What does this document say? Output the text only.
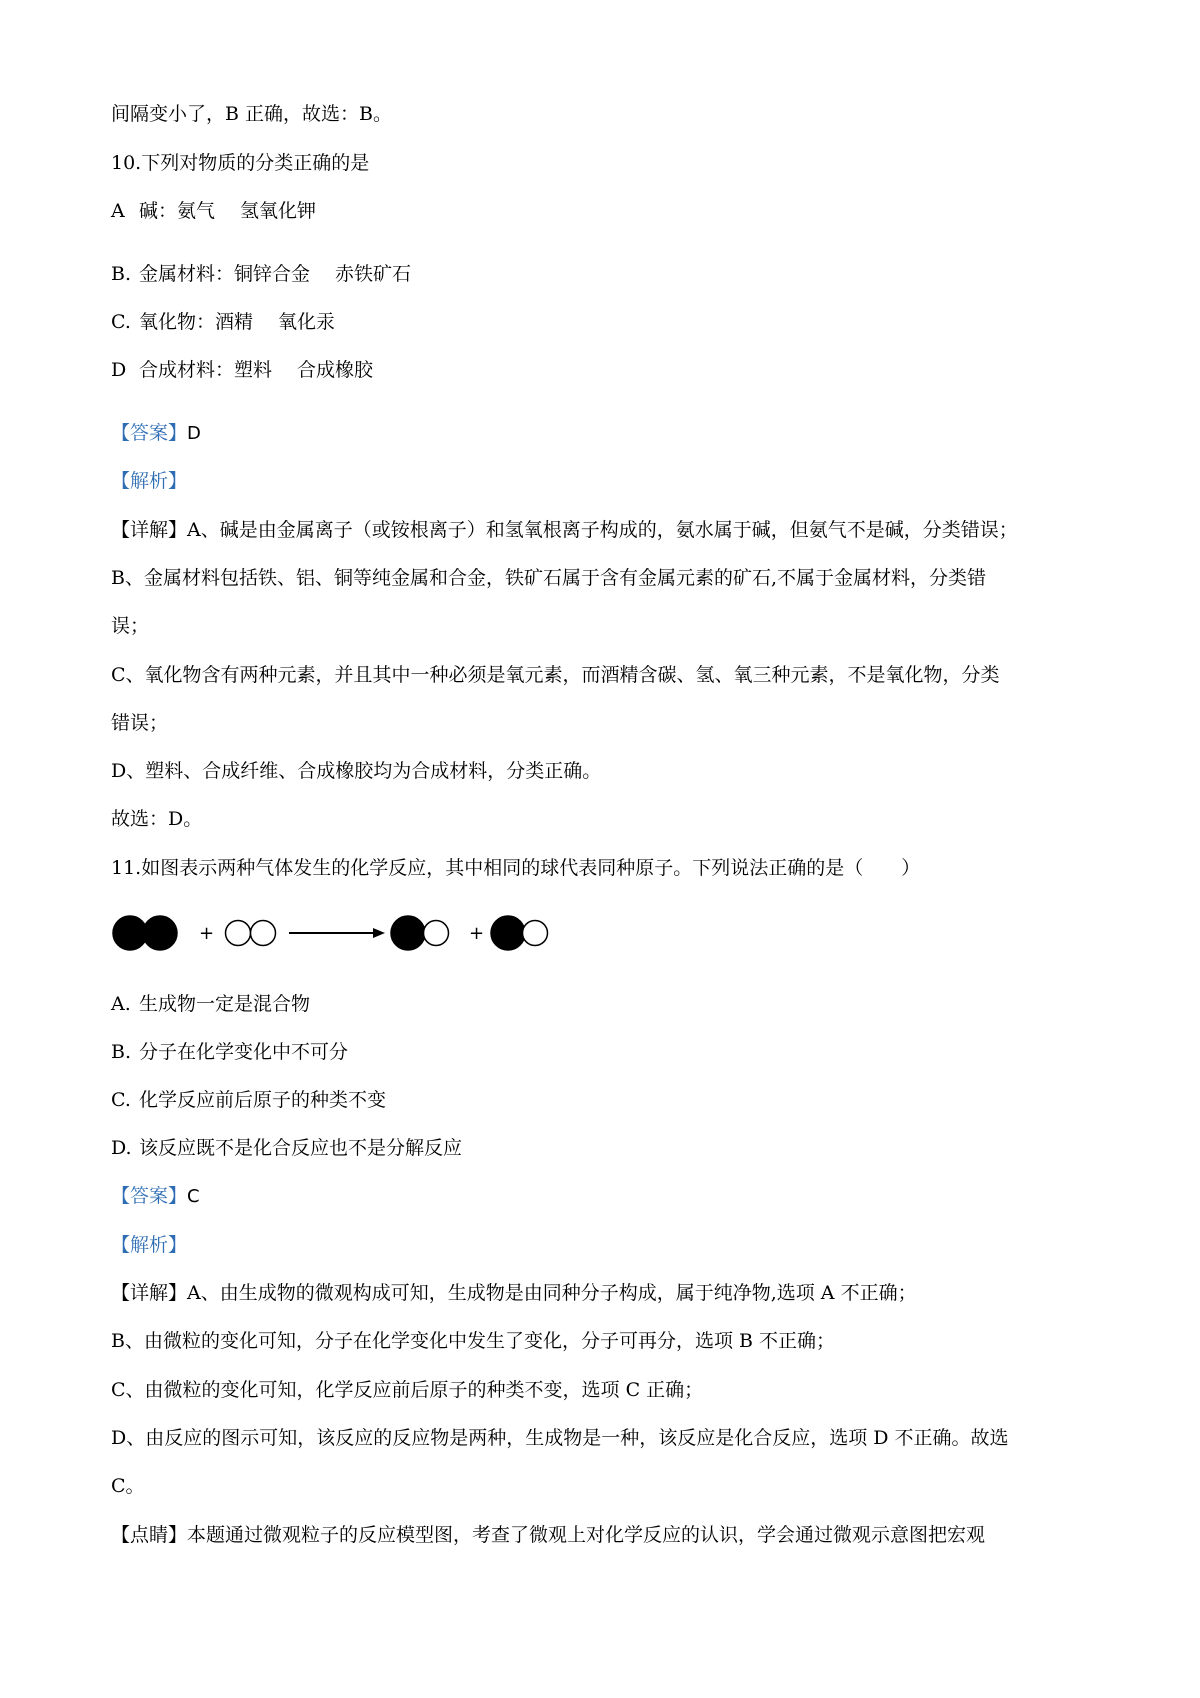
间隔变小了，B 正确，故选：B。
10.下列对物质的分类正确的是
A 碱：氨气　 氢氧化钾
B. 金属材料：铜锌合金　 赤铁矿石
C. 氧化物：酒精　 氧化汞
D 合成材料：塑料　 合成橡胶
【答案】D
【解析】
【详解】A、碱是由金属离子（或铵根离子）和氢氧根离子构成的，氨水属于碱，但氨气不是碱，分类错误；
B、金属材料包括铁、铝、铜等纯金属和合金，铁矿石属于含有金属元素的矿石,不属于金属材料，分类错
误；
C、氧化物含有两种元素，并且其中一种必须是氧元素，而酒精含碳、氢、氧三种元素，不是氧化物，分类
错误；
D、塑料、合成纤维、合成橡胶均为合成材料，分类正确。
故选：D。
11.如图表示两种气体发生的化学反应，其中相同的球代表同种原子。下列说法正确的是（　　）
+	+
A. 生成物一定是混合物
B. 分子在化学变化中不可分
C. 化学反应前后原子的种类不变
D. 该反应既不是化合反应也不是分解反应
【答案】C
【解析】
【详解】A、由生成物的微观构成可知，生成物是由同种分子构成，属于纯净物,选项 A 不正确；
B、由微粒的变化可知，分子在化学变化中发生了变化，分子可再分，选项 B 不正确；
C、由微粒的变化可知，化学反应前后原子的种类不变，选项 C 正确；
D、由反应的图示可知，该反应的反应物是两种，生成物是一种，该反应是化合反应，选项 D 不正确。故选
C。
【点睛】本题通过微观粒子的反应模型图，考查了微观上对化学反应的认识，学会通过微观示意图把宏观
